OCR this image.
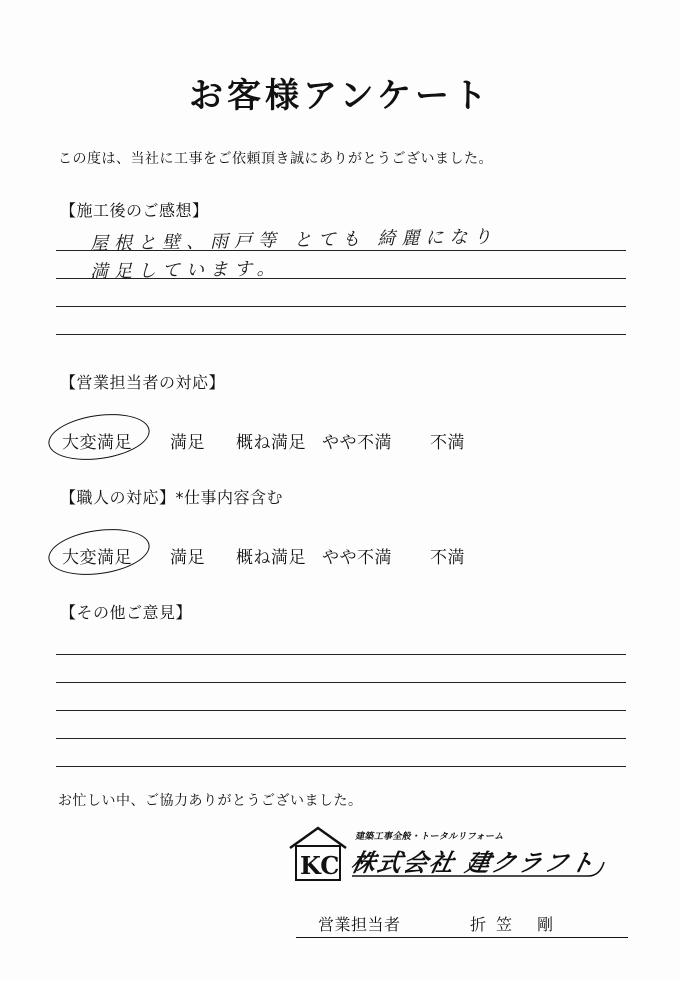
お客様アンケート
この度は、当社に工事をご依頼頂き誠にありがとうございました。
【施工後のご感想】
屋根と壁、雨戸等 とても 綺麗になり
満足しています。
【営業担当者の対応】
大変満足	満足	概ね満足 やや不満	不満
【職人の対応】*仕事内容含む
大変満足	満足	概ね満足 やや不満	不満
【その他ご意見】
お忙しい中、ご協力ありがとうございました。
KC
建築工事全般・トータルリフォーム
株式会社 建クラフト
営業担当者	折笠 剛
